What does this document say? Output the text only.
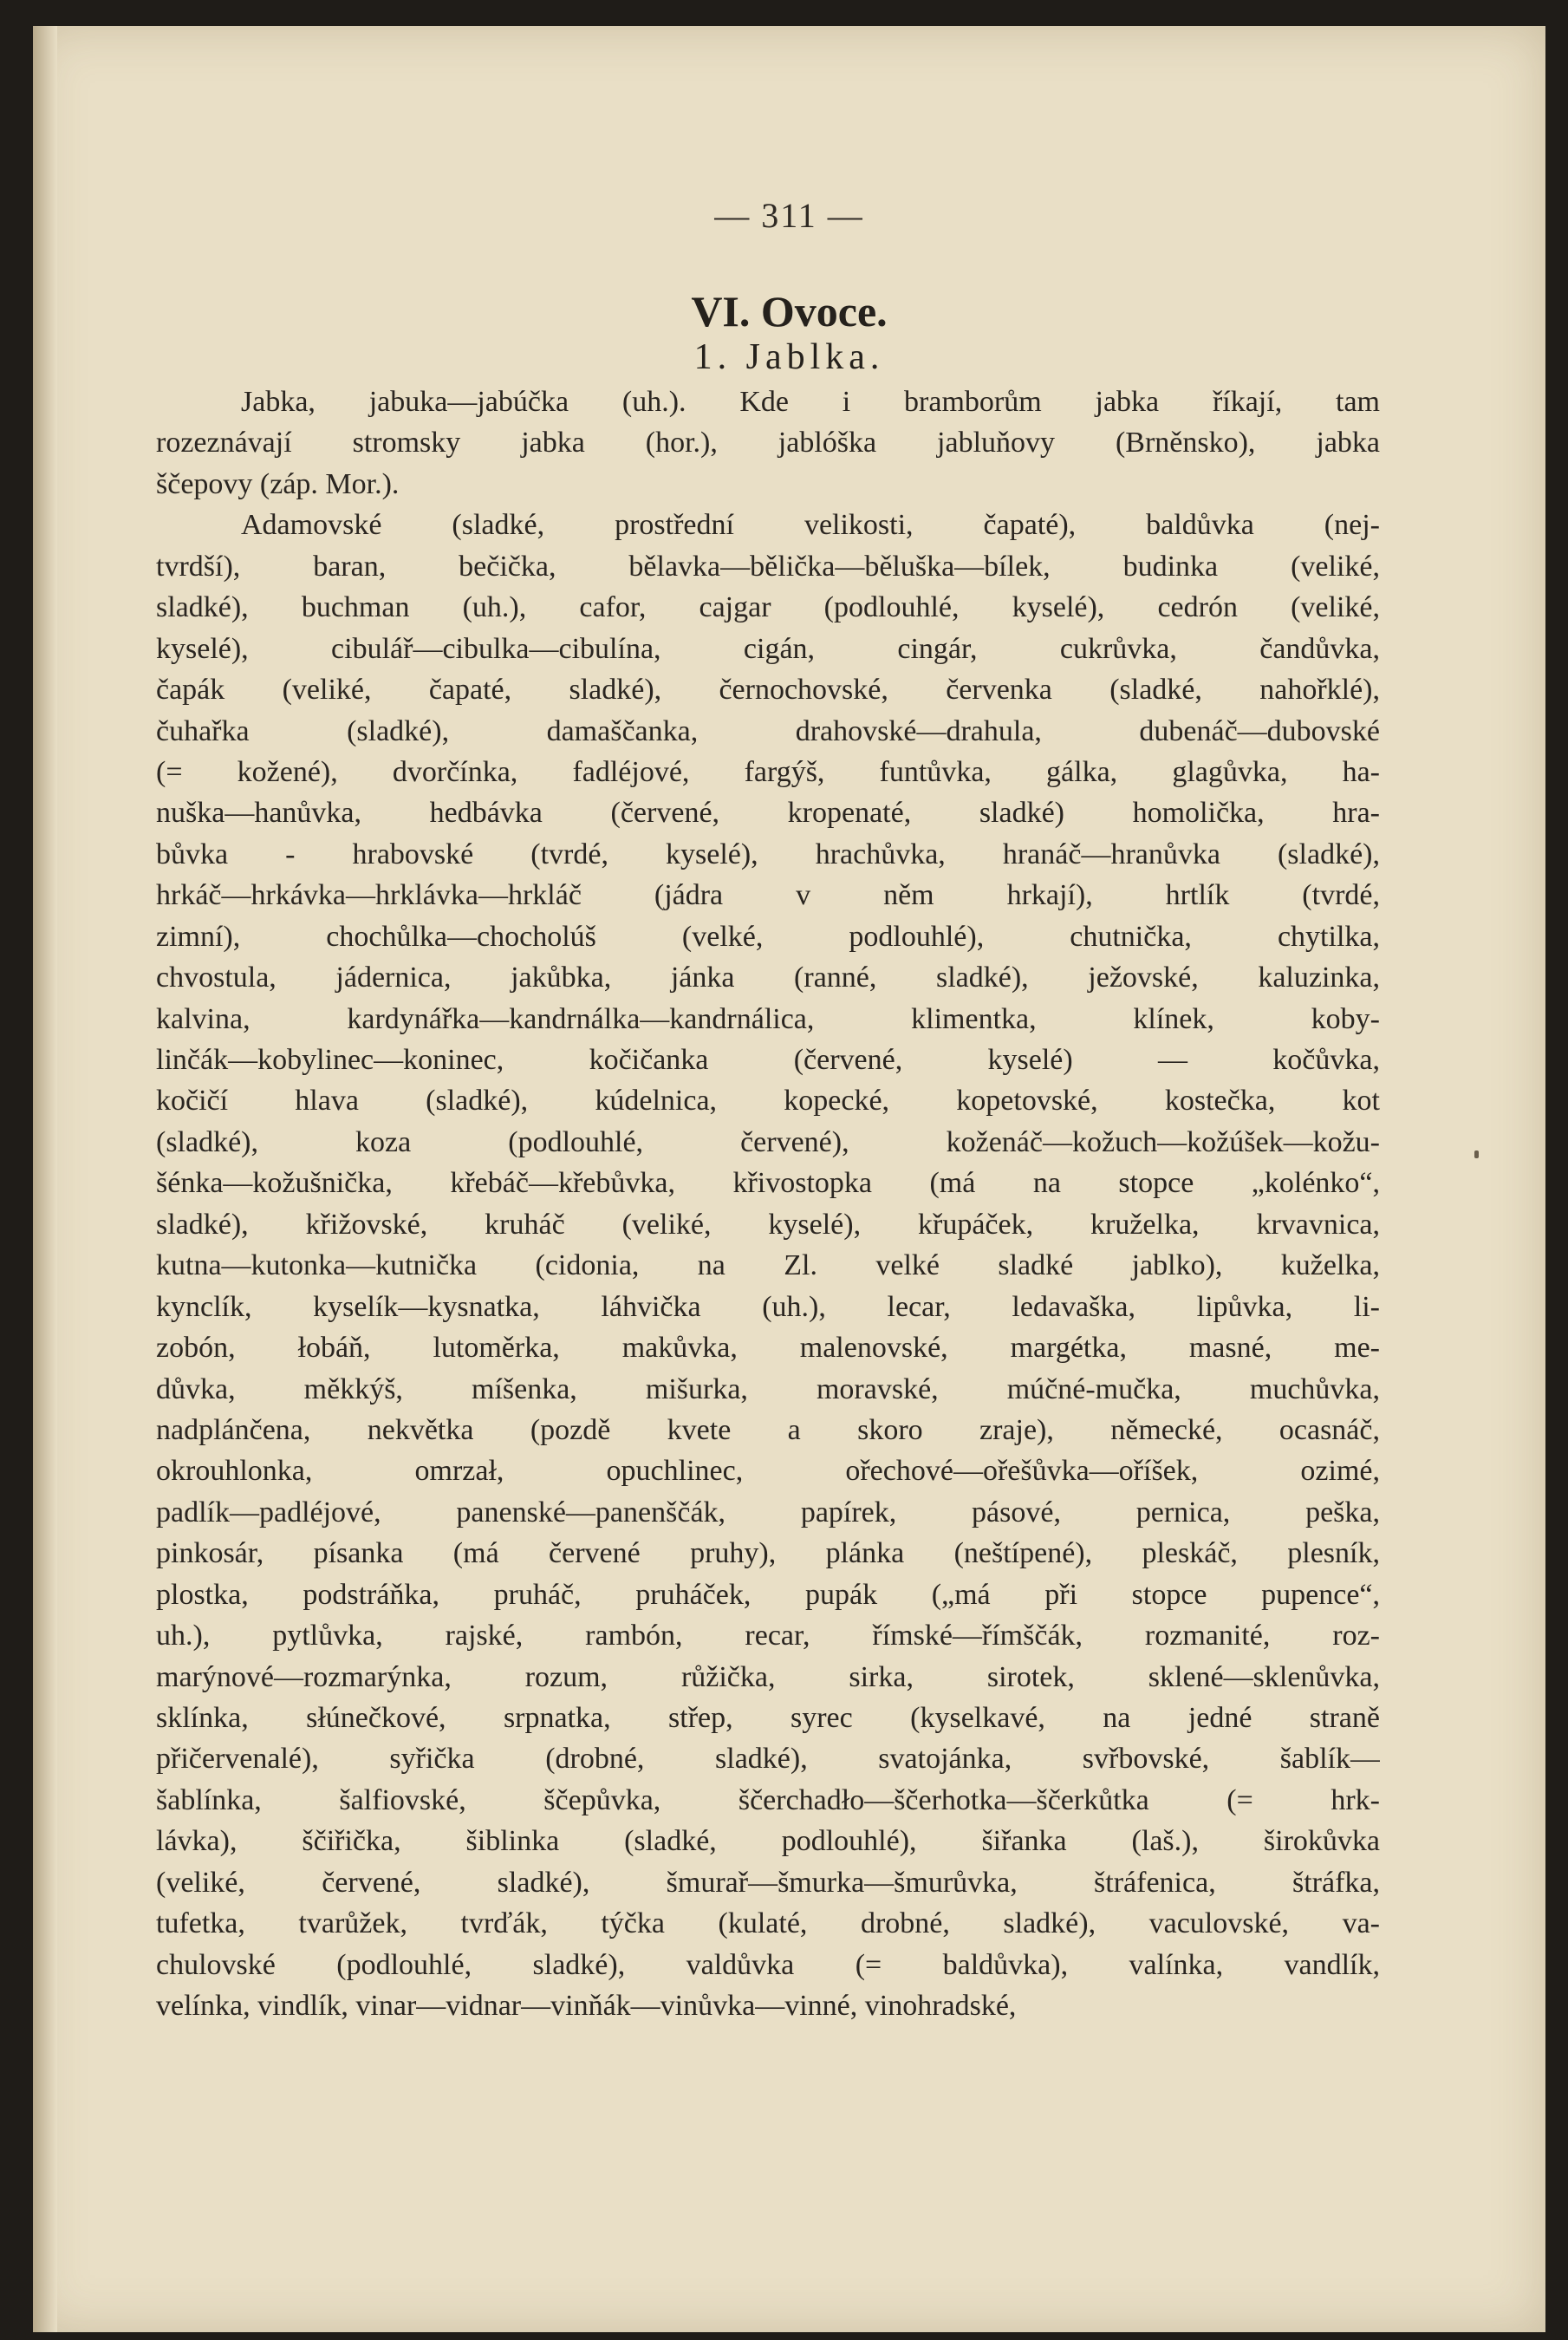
— 311 —
VI. Ovoce.
1. Jablka.
Jabka, jabuka—jabúčka (uh.). Kde i bramborům jabka říkají, tam
rozeznávají stromsky jabka (hor.), jablóška jabluňovy (Brněnsko), jabka
ščepovy (záp. Mor.).
Adamovské (sladké, prostřední velikosti, čapaté), baldůvka (nej-
tvrdší), baran, bečička, bělavka—bělička—běluška—bílek, budinka (veliké,
sladké), buchman (uh.), cafor, cajgar (podlouhlé, kyselé), cedrón (veliké,
kyselé), cibulář—cibulka—cibulína, cigán, cingár, cukrůvka, čandůvka,
čapák (veliké, čapaté, sladké), černochovské, červenka (sladké, nahořklé),
čuhařka (sladké), damaščanka, drahovské—drahula, dubenáč—dubovské
(= kožené), dvorčínka, fadléjové, fargýš, funtůvka, gálka, glagůvka, ha-
nuška—hanůvka, hedbávka (červené, kropenaté, sladké) homolička, hra-
bůvka - hrabovské (tvrdé, kyselé), hrachůvka, hranáč—hranůvka (sladké),
hrkáč—hrkávka—hrklávka—hrkláč (jádra v něm hrkají), hrtlík (tvrdé,
zimní), chochůlka—chocholúš (velké, podlouhlé), chutnička, chytilka,
chvostula, jádernica, jakůbka, jánka (ranné, sladké), ježovské, kaluzinka,
kalvina, kardynářka—kandrnálka—kandrnálica, klimentka, klínek, koby-
linčák—kobylinec—koninec, kočičanka (červené, kyselé) — kočůvka,
kočičí hlava (sladké), kúdelnica, kopecké, kopetovské, kostečka, kot
(sladké), koza (podlouhlé, červené), koženáč—kožuch—kožúšek—kožu-
šénka—kožušnička, křebáč—křebůvka, křivostopka (má na stopce „kolénko“,
sladké), křižovské, kruháč (veliké, kyselé), křupáček, kruželka, krvavnica,
kutna—kutonka—kutnička (cidonia, na Zl. velké sladké jablko), kuželka,
kynclík, kyselík—kysnatka, láhvička (uh.), lecar, ledavaška, lipůvka, li-
zobón, łobáň, lutoměrka, makůvka, malenovské, margétka, masné, me-
důvka, měkkýš, míšenka, mišurka, moravské, múčné-mučka, muchůvka,
nadplánčena, nekvětka (pozdě kvete a skoro zraje), německé, ocasnáč,
okrouhlonka, omrzał, opuchlinec, ořechové—ořešůvka—oříšek, ozimé,
padlík—padléjové, panenské—panenščák, papírek, pásové, pernica, peška,
pinkosár, písanka (má červené pruhy), plánka (neštípené), pleskáč, plesník,
plostka, podstráňka, pruháč, pruháček, pupák („má při stopce pupence“,
uh.), pytlůvka, rajské, rambón, recar, římské—římščák, rozmanité, roz-
marýnové—rozmarýnka, rozum, růžička, sirka, sirotek, sklené—sklenůvka,
sklínka, słúnečkové, srpnatka, střep, syrec (kyselkavé, na jedné straně
přičervenalé), syřička (drobné, sladké), svatojánka, svřbovské, šablík—
šablínka, šalfiovské, ščepůvka, ščerchadło—ščerhotka—ščerkůtka (= hrk-
lávka), ščiřička, šiblinka (sladké, podlouhlé), šiřanka (laš.), širokůvka
(veliké, červené, sladké), šmurař—šmurka—šmurůvka, štráfenica, štráfka,
tufetka, tvarůžek, tvrďák, týčka (kulaté, drobné, sladké), vaculovské, va-
chulovské (podlouhlé, sladké), valdůvka (= baldůvka), valínka, vandlík,
velínka, vindlík, vinar—vidnar—vinňák—vinůvka—vinné, vinohradské,
